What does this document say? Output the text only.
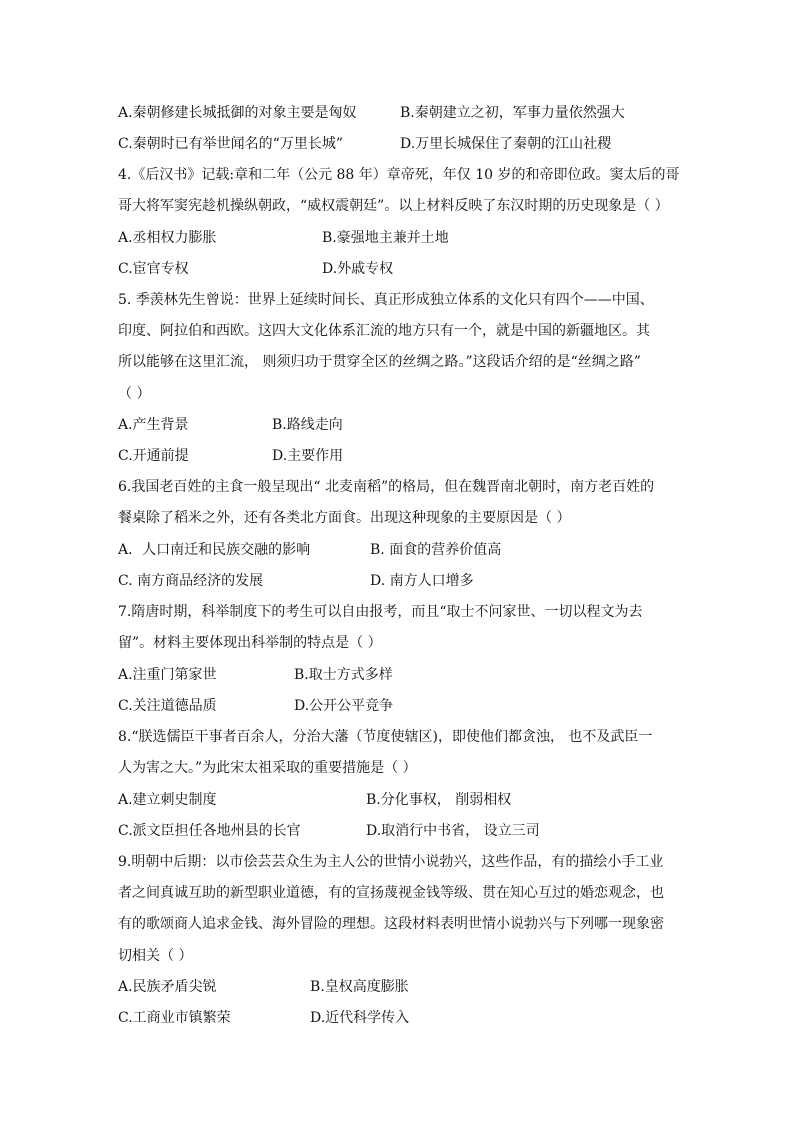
A.秦朝修建长城抵御的对象主要是匈奴	B.秦朝建立之初，军事力量依然强大
C.秦朝时已有举世闻名的“万里长城”	D.万里长城保住了秦朝的江山社稷
4.《后汉书》记载:章和二年（公元 88 年）章帝死，年仅 10 岁的和帝即位政。窦太后的哥
哥大将军窦宪趁机操纵朝政，“威权震朝廷”。以上材料反映了东汉时期的历史现象是（ ）
A.丞相权力膨胀	B.豪强地主兼并土地
C.宦官专权	D.外戚专权
5. 季羡林先生曾说：世界上延续时间长、真正形成独立体系的文化只有四个——中国、
印度、阿拉伯和西欧。这四大文化体系汇流的地方只有一个，就是中国的新疆地区。其
所以能够在这里汇流， 则须归功于贯穿全区的丝绸之路。”这段话介绍的是“丝绸之路”
（ ）
A.产生背景	B.路线走向
C.开通前提	D.主要作用
6.我国老百姓的主食一般呈现出“ 北麦南稻”的格局，但在魏晋南北朝时，南方老百姓的
餐桌除了稻米之外，还有各类北方面食。出现这种现象的主要原因是（ ）
A．人口南迁和民族交融的影响	B. 面食的营养价值高
C. 南方商品经济的发展	D. 南方人口增多
7.隋唐时期，科举制度下的考生可以自由报考，而且“取士不问家世、一切以程文为去
留”。材料主要体现出科举制的特点是（ ）
A.注重门第家世	B.取士方式多样
C.关注道德品质	D.公开公平竞争
8.“朕选儒臣干事者百余人，分治大藩（节度使辖区)，即使他们都贪浊， 也不及武臣一
人为害之大。”为此宋太祖采取的重要措施是（ ）
A.建立刺史制度	B.分化事权， 削弱相权
C.派文臣担任各地州县的长官	D.取消行中书省， 设立三司
9.明朝中后期：以市侩芸芸众生为主人公的世情小说勃兴，这些作品，有的描绘小手工业
者之间真诚互助的新型职业道德，有的宣扬蔑视金钱等级、贯在知心互过的婚恋观念，也
有的歌颂商人追求金钱、海外冒险的理想。这段材料表明世情小说勃兴与下列哪一现象密
切相关（ ）
A.民族矛盾尖锐	B.皇权高度膨胀
C.工商业市镇繁荣	D.近代科学传入
